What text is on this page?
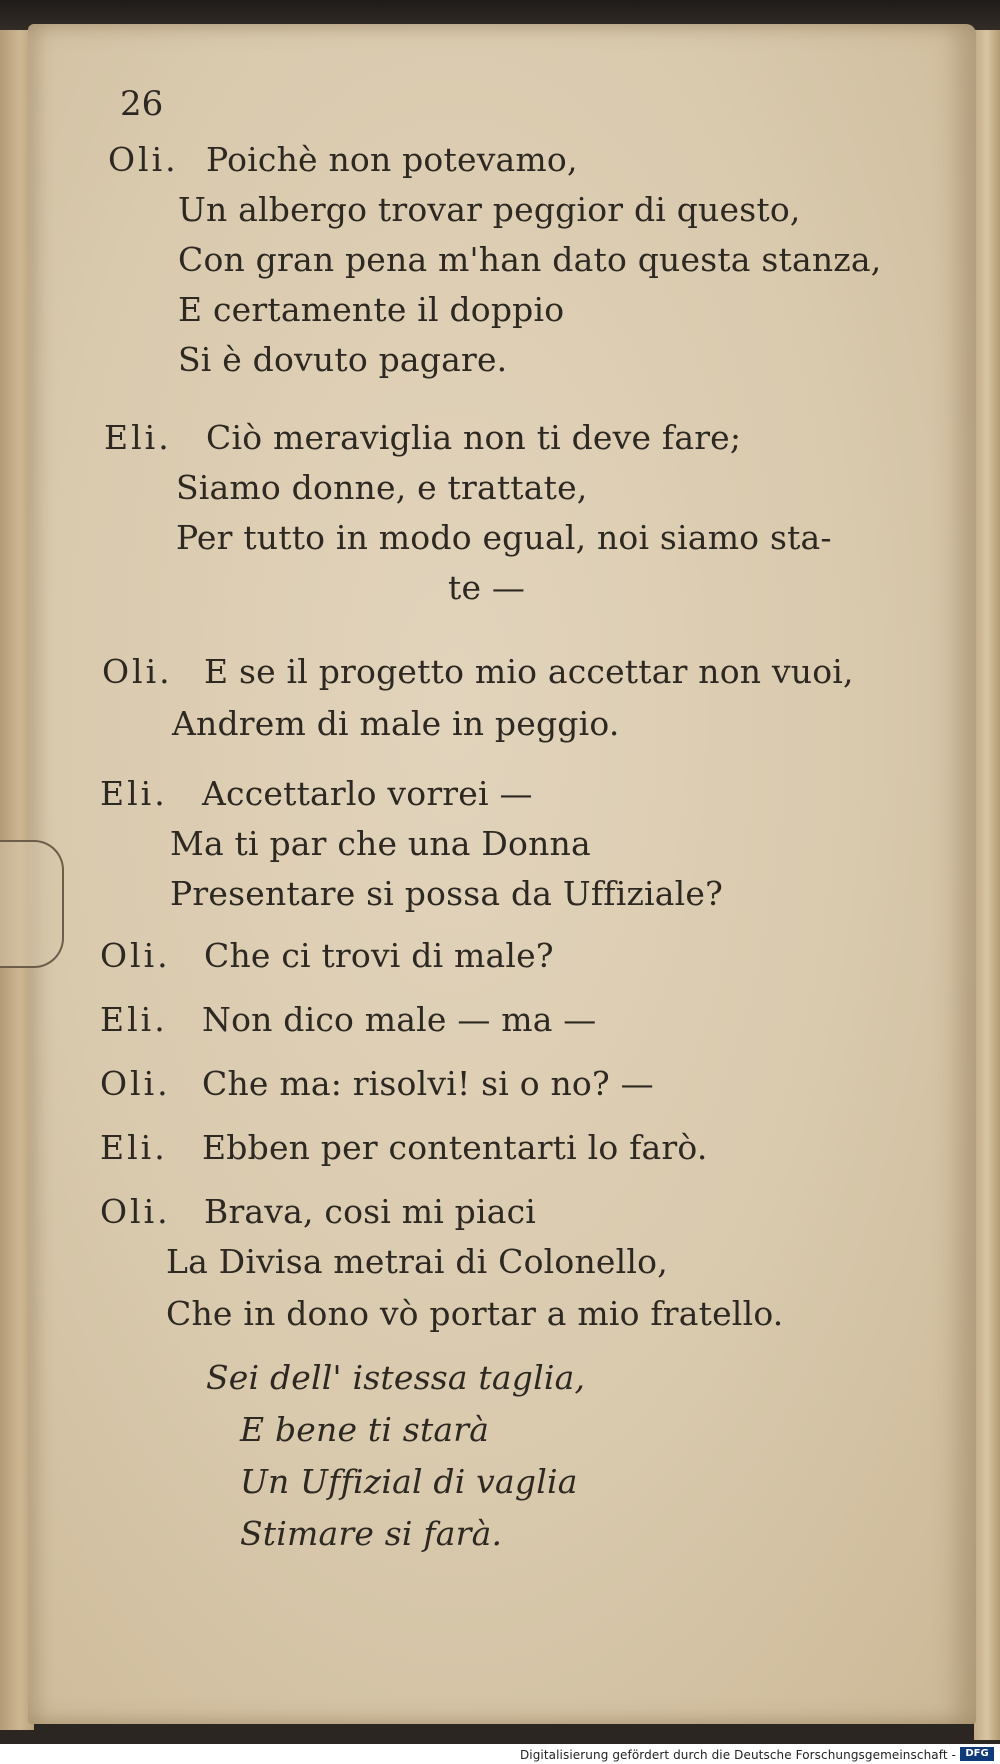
26
Oli. Poichè non potevamo,
Un albergo trovar peggior di questo,
Con gran pena m'han dato questa stanza,
E certamente il doppio
Si è dovuto pagare.
Eli. Ciò meraviglia non ti deve fare;
Siamo donne, e trattate,
Per tutto in modo egual, noi siamo sta-
te —
Oli. E se il progetto mio accettar non vuoi,
Andrem di male in peggio.
Eli. Accettarlo vorrei —
Ma ti par che una Donna
Presentare si possa da Uffiziale?
Oli. Che ci trovi di male?
Eli. Non dico male — ma —
Oli. Che ma: risolvi! si o no? —
Eli. Ebben per contentarti lo farò.
Oli. Brava, cosi mi piaci
La Divisa metrai di Colonello,
Che in dono vò portar a mio fratello.
Sei dell' istessa taglia,
E bene ti starà
Un Uffizial di vaglia
Stimare si farà.
Digitalisierung gefördert durch die Deutsche Forschungsgemeinschaft - DFG
